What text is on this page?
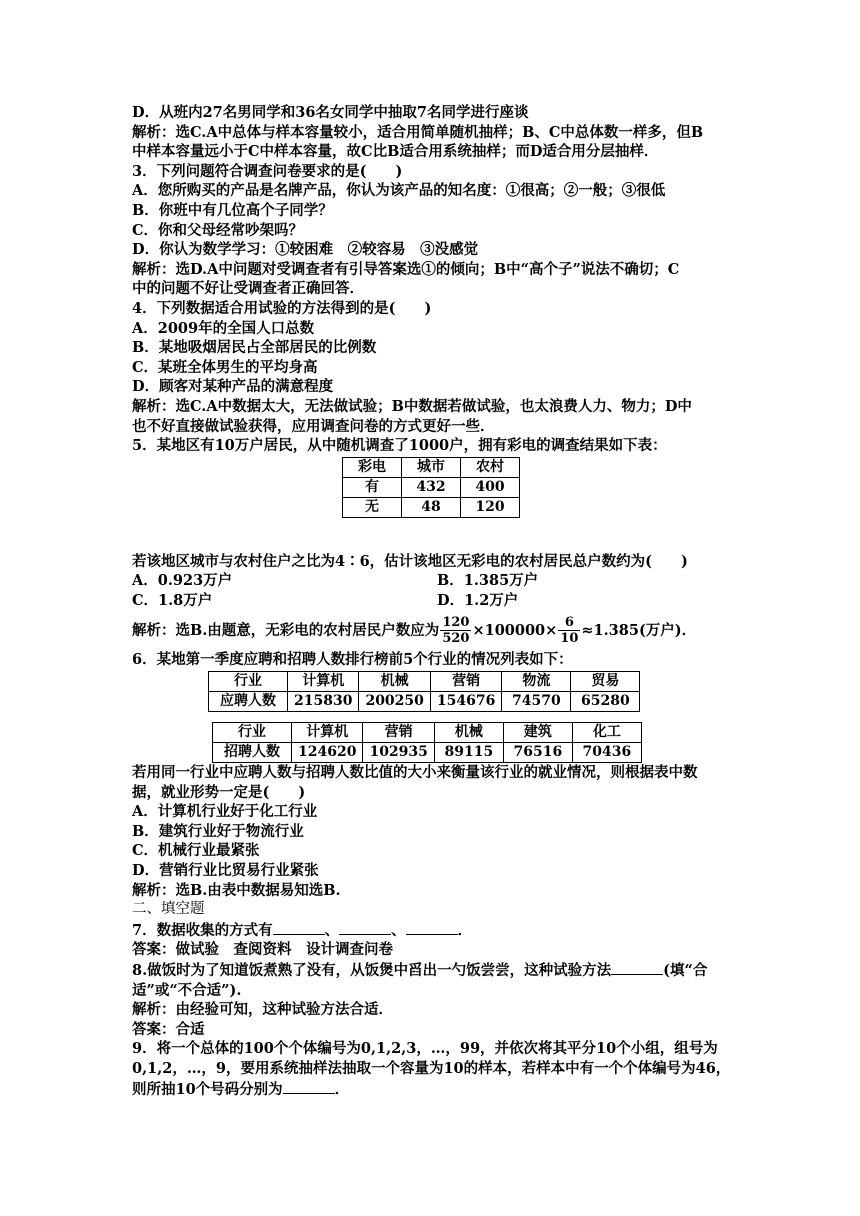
D．从班内27名男同学和36名女同学中抽取7名同学进行座谈
解析：选C.A中总体与样本容量较小，适合用简单随机抽样；B、C中总体数一样多，但B
中样本容量远小于C中样本容量，故C比B适合用系统抽样；而D适合用分层抽样．
3．下列问题符合调查问卷要求的是(　　)
A．您所购买的产品是名牌产品，你认为该产品的知名度：①很高；②一般；③很低
B．你班中有几位高个子同学？
C．你和父母经常吵架吗？
D．你认为数学学习：①较困难　②较容易　③没感觉
解析：选D.A中问题对受调查者有引导答案选①的倾向；B中“高个子”说法不确切；C
中的问题不好让受调查者正确回答．
4．下列数据适合用试验的方法得到的是(　　)
A．2009年的全国人口总数
B．某地吸烟居民占全部居民的比例数
C．某班全体男生的平均身高
D．顾客对某种产品的满意程度
解析：选C.A中数据太大，无法做试验；B中数据若做试验，也太浪费人力、物力；D中
也不好直接做试验获得，应用调查问卷的方式更好一些．
5．某地区有10万户居民，从中随机调查了1000户，拥有彩电的调查结果如下表：
彩电	城市	农村
有	432	400
无	48	120
若该地区城市与农村住户之比为4∶6，估计该地区无彩电的农村居民总户数约为(　　)
A．0.923万户	B．1.385万户
C．1.8万户	D．1.2万户
解析：选B.由题意，无彩电的农村居民户数应为 $\frac{120}{520} \times 100000\times \frac{6}{10} \approx 1.385$(万户)．
6．某地第一季度应聘和招聘人数排行榜前5个行业的情况列表如下：
行业	计算机	机械	营销	物流	贸易
应聘人数	215830	200250	154676	74570	65280
行业	计算机	营销	机械	建筑	化工
招聘人数	124620	102935	89115	76516	70436
若用同一行业中应聘人数与招聘人数比值的大小来衡量该行业的就业情况，则根据表中数
据，就业形势一定是(　　)
A．计算机行业好于化工行业
B．建筑行业好于物流行业
C．机械行业最紧张
D．营销行业比贸易行业紧张
解析：选B.由表中数据易知选B.
二、填空题
7．数据收集的方式有	、	、	．
答案：做试验　查阅资料　设计调查问卷
8.做饭时为了知道饭煮熟了没有，从饭煲中舀出一勺饭尝尝，这种试验方法	(填“合
适”或“不合适”).
解析：由经验可知，这种试验方法合适．
答案：合适
9．将一个总体的100个个体编号为0,1,2,3，…，99，并依次将其平分10个小组，组号为
0,1,2，…，9，要用系统抽样法抽取一个容量为10的样本，若样本中有一个个体编号为46，
则所抽10个号码分别为	．
